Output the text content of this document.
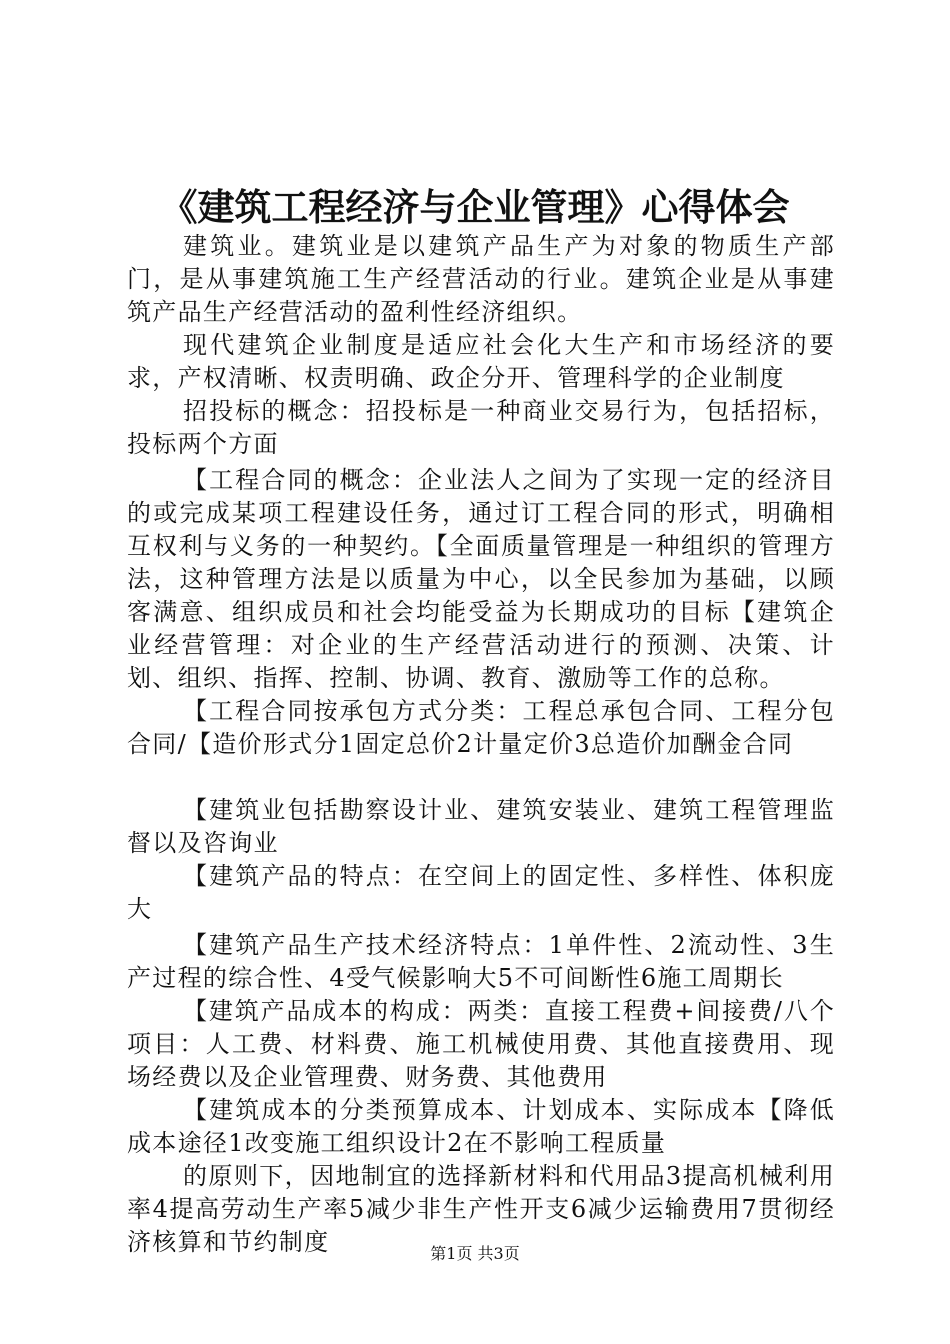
《建筑工程经济与企业管理》心得体会

建筑业。建筑业是以建筑产品生产为对象的物质生产部门，是从事建筑施工生产经营活动的行业。建筑企业是从事建筑产品生产经营活动的盈利性经济组织。

现代建筑企业制度是适应社会化大生产和市场经济的要求，产权清晰、权责明确、政企分开、管理科学的企业制度

招投标的概念：招投标是一种商业交易行为，包括招标，投标两个方面

【工程合同的概念：企业法人之间为了实现一定的经济目的或完成某项工程建设任务，通过订工程合同的形式，明确相互权利与义务的一种契约。【全面质量管理是一种组织的管理方法，这种管理方法是以质量为中心，以全民参加为基础，以顾客满意、组织成员和社会均能受益为长期成功的目标【建筑企业经营管理：对企业的生产经营活动进行的预测、决策、计划、组织、指挥、控制、协调、教育、激励等工作的总称。

【工程合同按承包方式分类：工程总承包合同、工程分包合同/【造价形式分1固定总价2计量定价3总造价加酬金合同

【建筑业包括勘察设计业、建筑安装业、建筑工程管理监督以及咨询业

【建筑产品的特点：在空间上的固定性、多样性、体积庞大

【建筑产品生产技术经济特点：1单件性、2流动性、3生产过程的综合性、4受气候影响大5不可间断性6施工周期长

【建筑产品成本的构成：两类：直接工程费+间接费/八个项目：人工费、材料费、施工机械使用费、其他直接费用、现场经费以及企业管理费、财务费、其他费用

【建筑成本的分类预算成本、计划成本、实际成本【降低成本途径1改变施工组织设计2在不影响工程质量

的原则下，因地制宜的选择新材料和代用品3提高机械利用率4提高劳动生产率5减少非生产性开支6减少运输费用7贯彻经济核算和节约制度	第1页 共3页
